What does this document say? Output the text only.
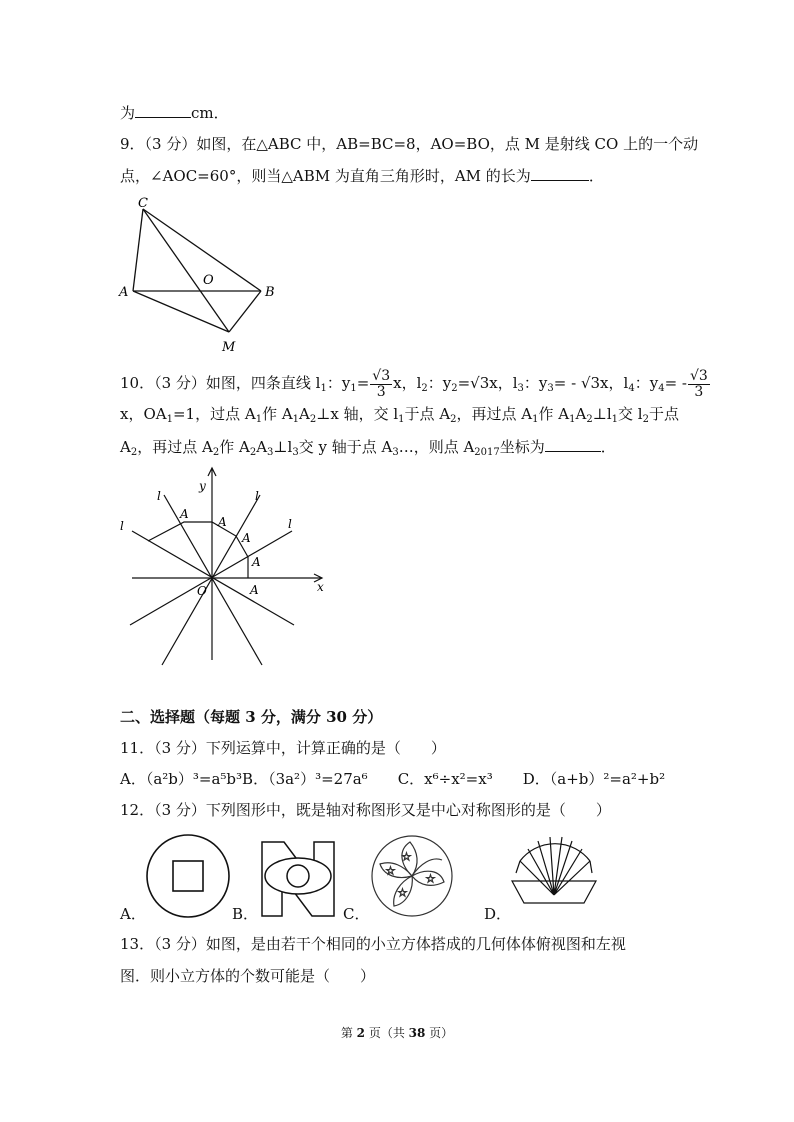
为	cm．
9．（3 分）如图，在△ABC 中，AB=BC=8，AO=BO，点 M 是射线 CO 上的一个动
点，∠AOC=60°，则当△ABM 为直角三角形时，AM 的长为	．
C
A
O
B
M
10．（3 分）如图，四条直线 $l_1$：$y_1= \frac{√3}{3}$ x，$l_2$：$y_2=√3x$，$l_3$：$y_3= - √3x$，$l_4$：$y_4= - \frac{√3}{3}$
x，$OA_1=1$，过点 $A_1$作 $A_1A_2\perp x$ 轴，交 $l_1$于点 $A_2$，再过点 $A_1$作 $A_1A_2\perp l_1$交 $l_2$于点
$A_2$，再过点 $A_2$作 $A_2A_3\perp l_3$交 y 轴于点 $A_3\dots$，则点 $A_{2017}$坐标为	．
y
x
O
l
l
l
l
A
A
A
A
A
二、选择题（每题 3 分，满分 30 分）
11．（3 分）下列运算中，计算正确的是（　　）
A．（a²b）³=a⁵b³B．（3a²）³=27a⁶　　C．x⁶÷x²=x³　　D．（a+b）²=a²+b²
12．（3 分）下列图形中，既是轴对称图形又是中心对称图形的是（　　）
★
★
★
★
A．	B．	C．	D．
13．（3 分）如图，是由若干个相同的小立方体搭成的几何体体俯视图和左视
图．则小立方体的个数可能是（　　）
第 2 页（共 38 页）
